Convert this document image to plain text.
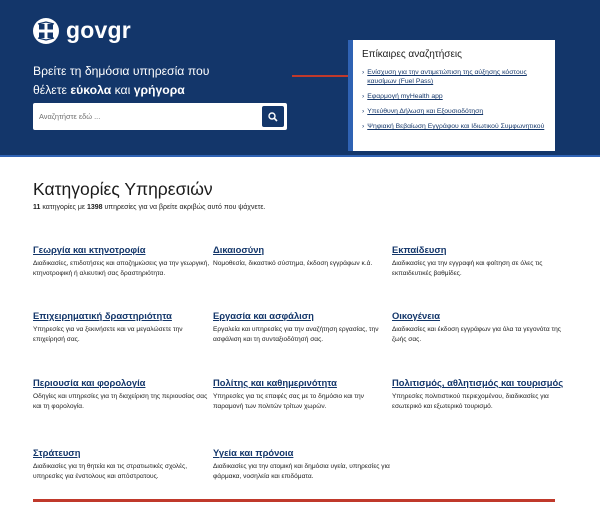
govgr
Βρείτε τη δημόσια υπηρεσία που
θέλετε εύκολα και γρήγορα
Αναζητήστε εδώ ...
Επίκαιρες αναζητήσεις
› Ενίσχυση για την αντιμετώπιση της αύξησης κόστους καυσίμων (Fuel Pass)
› Εφαρμογή myHealth app
› Υπεύθυνη Δήλωση και Εξουσιοδότηση
› Ψηφιακή Βεβαίωση Εγγράφου και Ιδιωτικού Συμφωνητικού
Κατηγορίες Υπηρεσιών
11 κατηγορίες με 1398 υπηρεσίες για να βρείτε ακριβώς αυτό που ψάχνετε.
Γεωργία και κτηνοτροφία

Διαδικασίες, επιδοτήσεις και αποζημιώσεις για την γεωργική, κτηνοτροφική ή αλιευτική σας δραστηριότητα.

Δικαιοσύνη

Νομοθεσία, δικαστικό σύστημα, έκδοση εγγράφων κ.ά.

Εκπαίδευση

Διαδικασίες για την εγγραφή και φοίτηση σε όλες τις εκπαιδευτικές βαθμίδες.

Επιχειρηματική δραστηριότητα

Υπηρεσίες για να ξεκινήσετε και να μεγαλώσετε την επιχείρησή σας.

Εργασία και ασφάλιση

Εργαλεία και υπηρεσίες για την αναζήτηση εργασίας, την ασφάλιση και τη συνταξιοδότησή σας.

Οικογένεια

Διαδικασίες και έκδοση εγγράφων για όλα τα γεγονότα της ζωής σας.

Περιουσία και φορολογία

Οδηγίες και υπηρεσίες για τη διαχείριση της περιουσίας σας και τη φορολογία.

Πολίτης και καθημερινότητα

Υπηρεσίες για τις επαφές σας με το δημόσιο και την παραμονή των πολιτών τρίτων χωρών.

Πολιτισμός, αθλητισμός και τουρισμός

Υπηρεσίες πολιτιστικού περιεχομένου, διαδικασίες για εσωτερικό και εξωτερικό τουρισμό.

Στράτευση

Διαδικασίες για τη θητεία και τις στρατιωτικές σχολές, υπηρεσίες για ένστολους και απόστρατους.

Υγεία και πρόνοια

Διαδικασίες για την ατομική και δημόσια υγεία, υπηρεσίες για φάρμακα, νοσηλεία και επιδόματα.
